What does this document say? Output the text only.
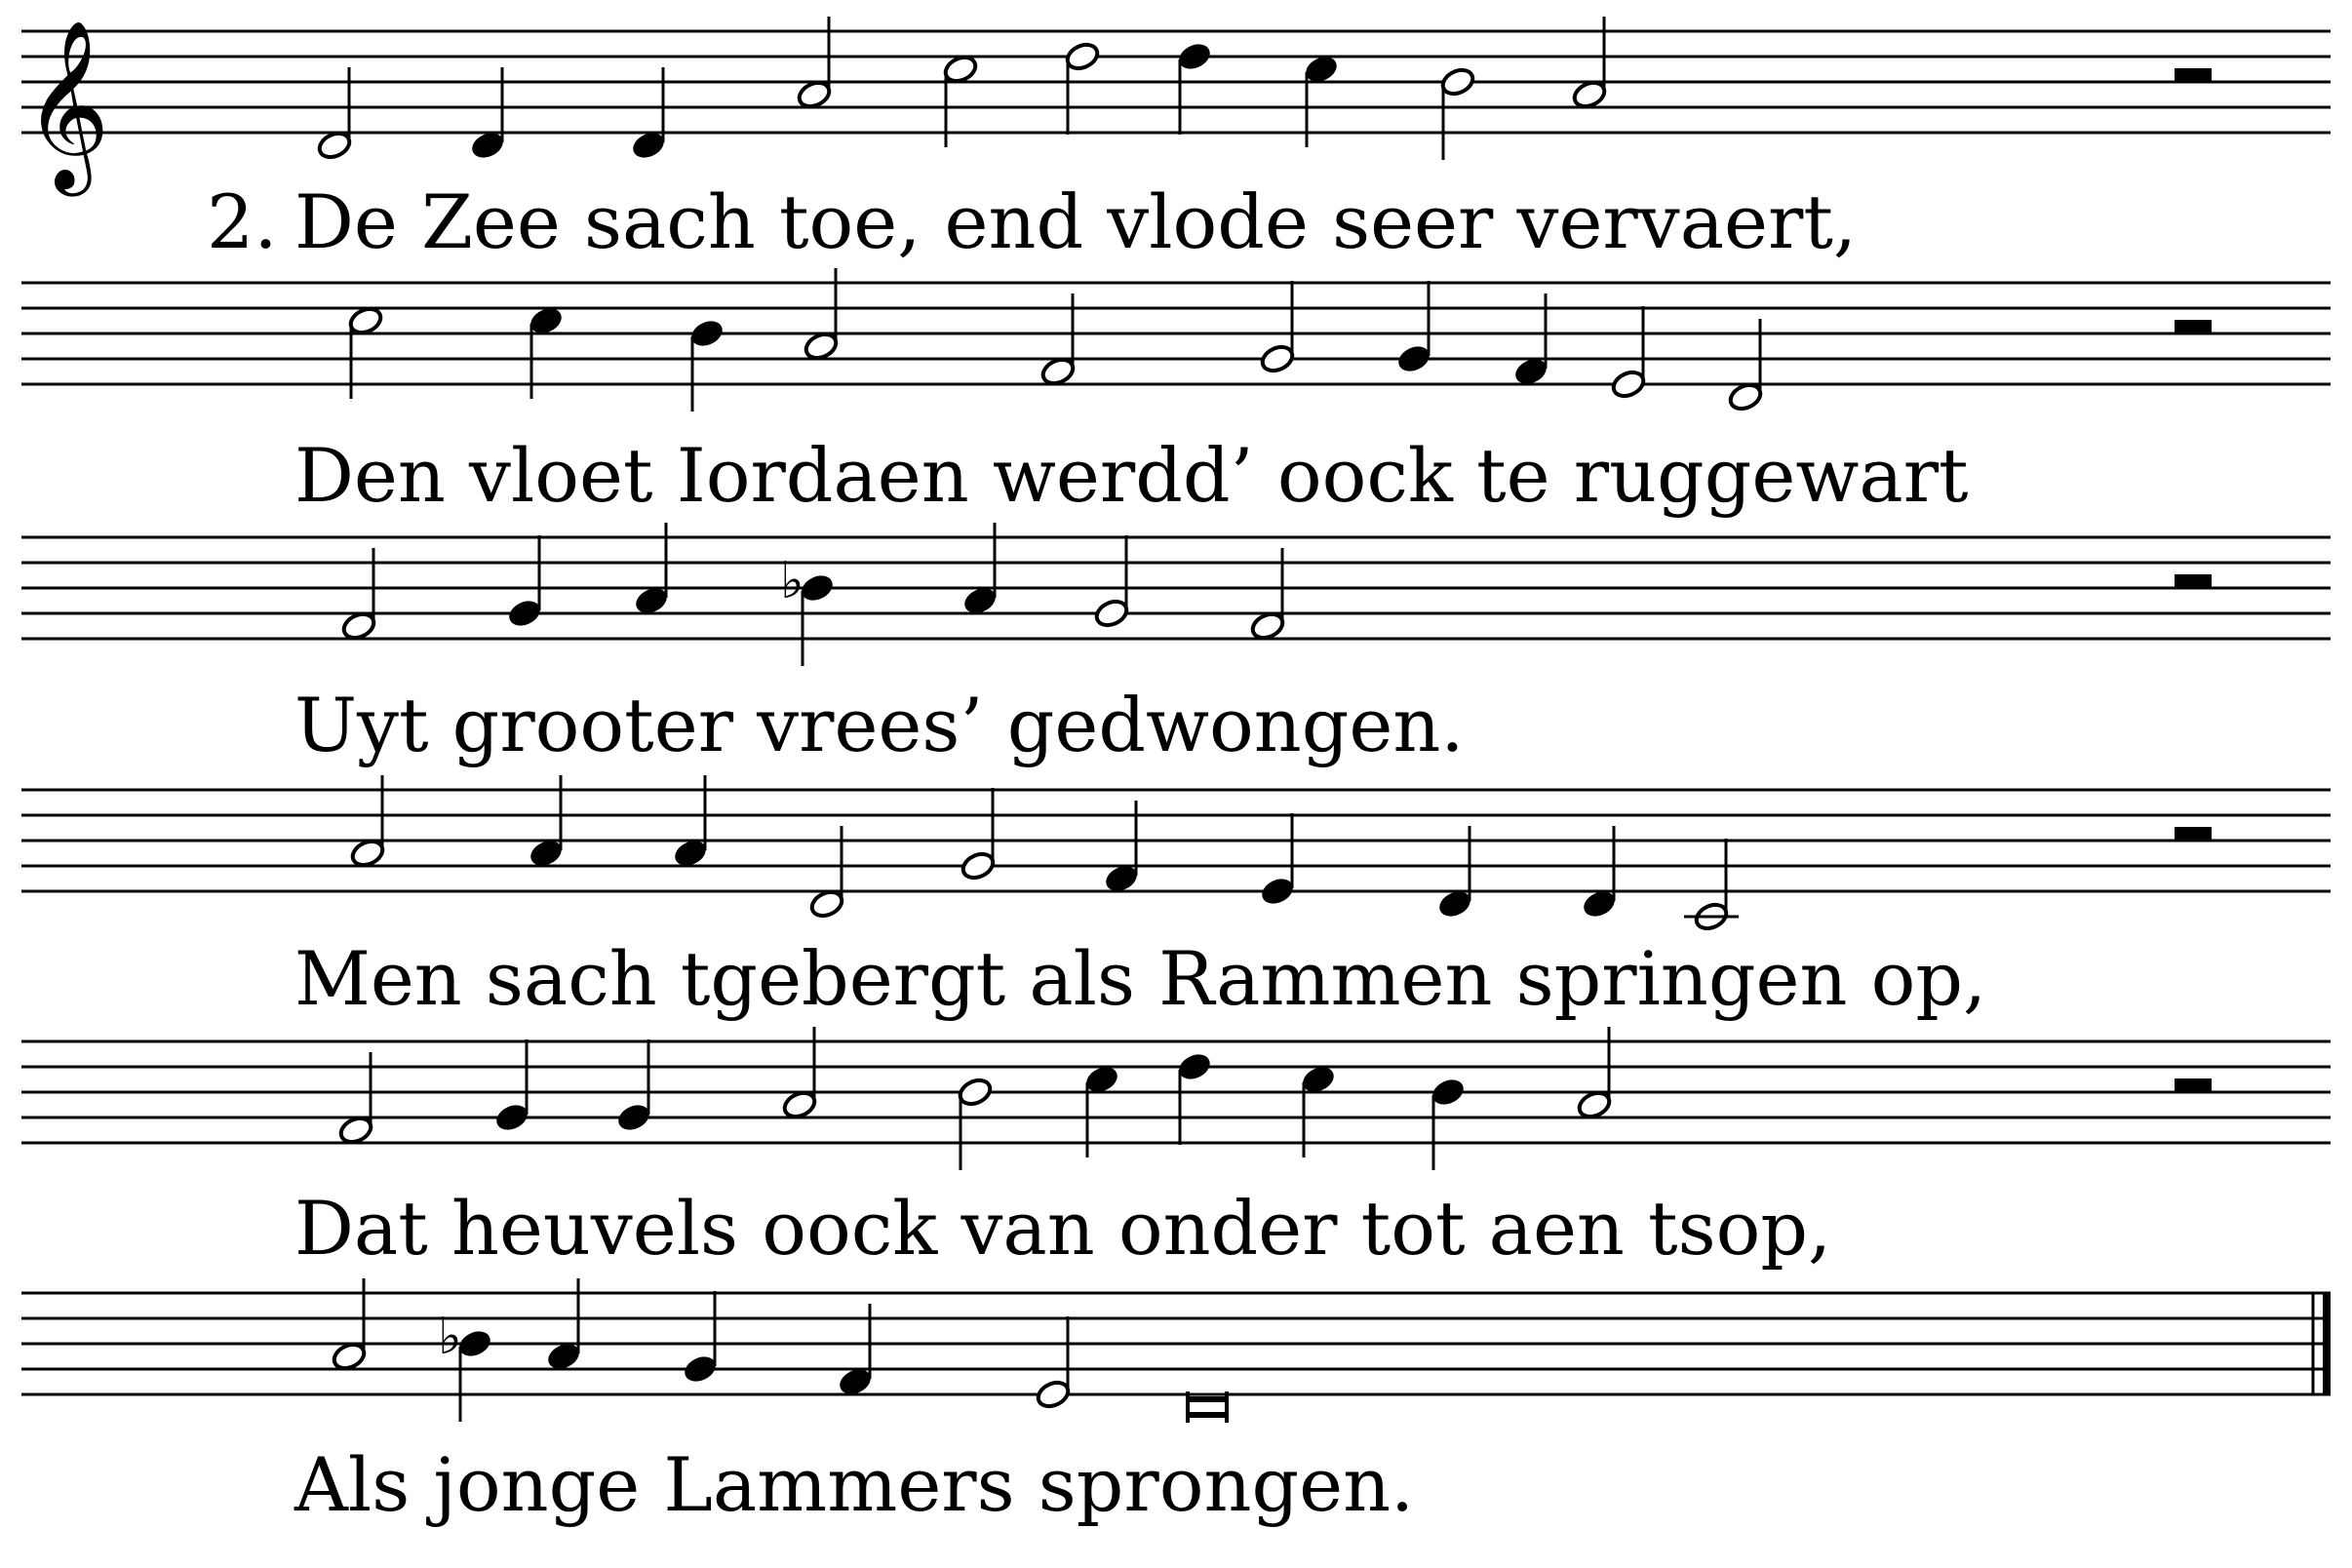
𝄞
♭
♭
2. De Zee sach toe, end vlode seer vervaert,
Den vloet Iordaen werdd’ oock te ruggewart
Uyt grooter vrees’ gedwongen.
Men sach tgebergt als Rammen springen op,
Dat heuvels oock van onder tot aen tsop,
Als jonge Lammers sprongen.
